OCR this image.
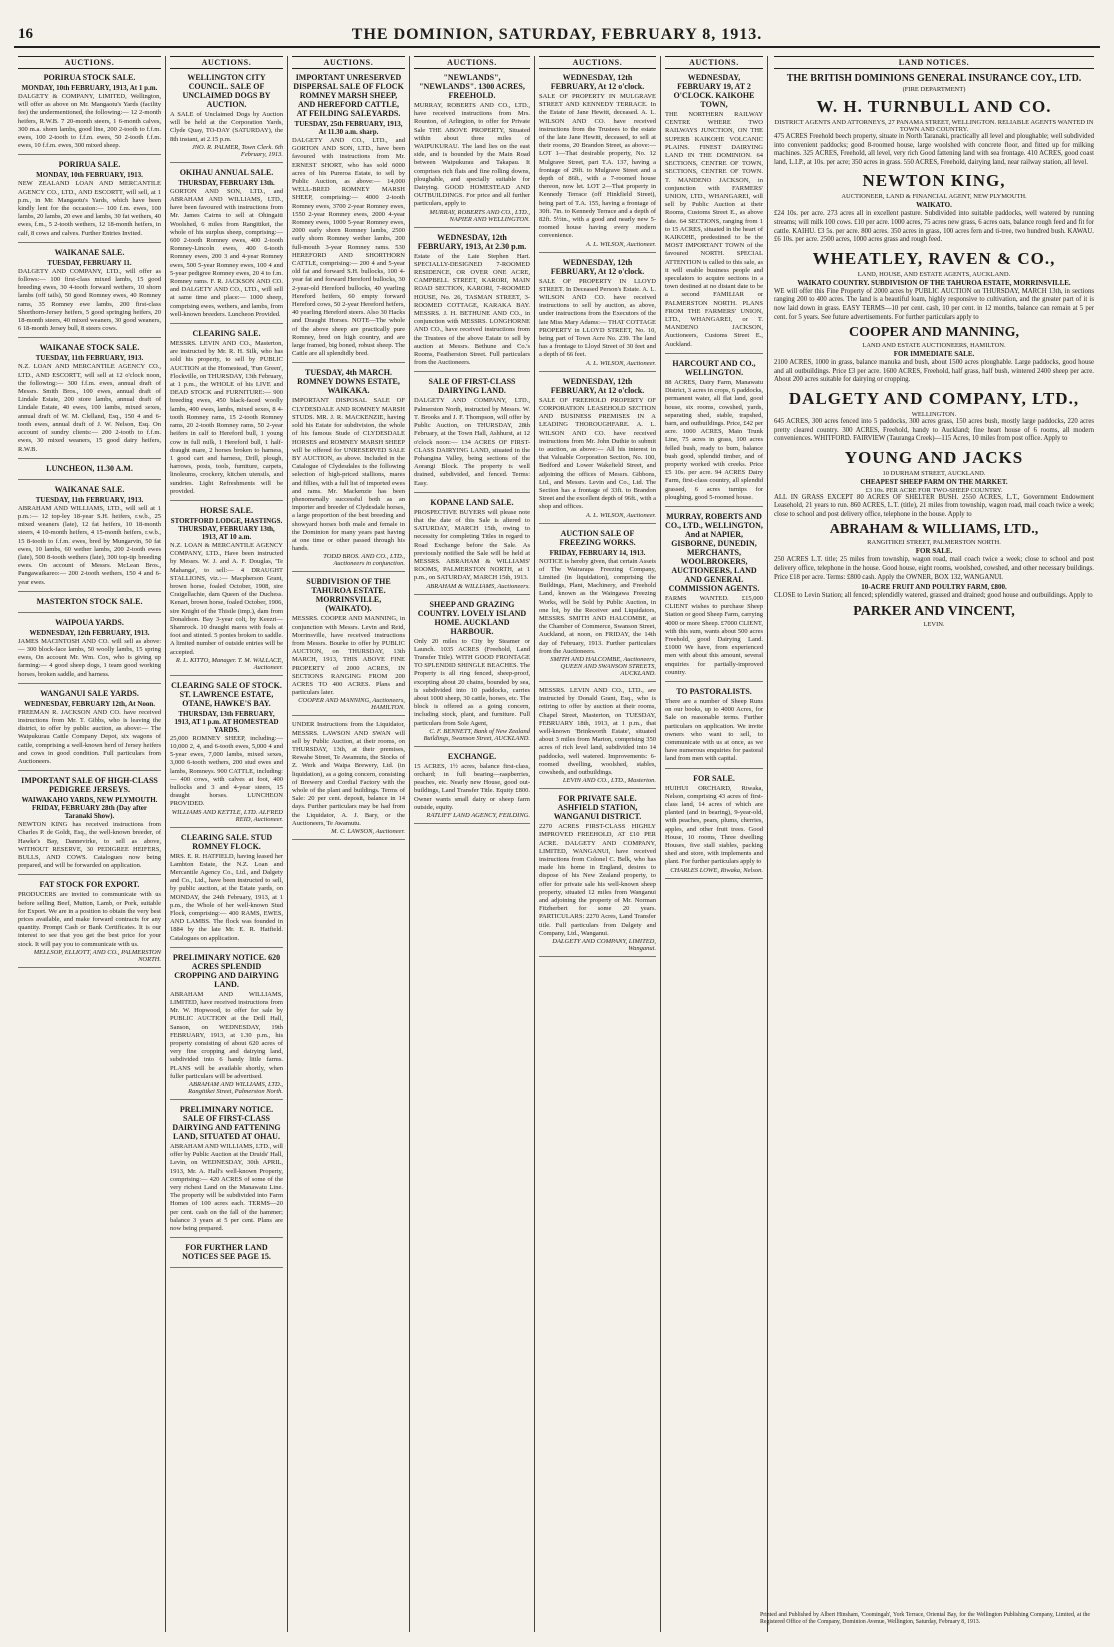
16	THE DOMINION, SATURDAY, FEBRUARY 8, 1913.
AUCTIONS.
PORIRUA STOCK SALE.
MONDAY, 10th FEBRUARY, 1913, At 1 p.m.
DALGETY & COMPANY, LIMITED, Wellington, will offer as above on Mr. Mangaotu's Yards (facility fee) the undermentioned, the following:— 12 2-month heifers, R.W.B. 7 20-month steers, 1 6-month calves, 300 m.a. shorn lambs, good line, 200 2-tooth to f.f.m. ewes, 100 2-tooth to f.f.m. ewes, 50 2-tooth f.f.m. ewes, 10 f.f.m. ewes, 300 mixed sheep.
PORIRUA SALE.
MONDAY, 10th FEBRUARY, 1913.
NEW ZEALAND LOAN AND MERCANTILE AGENCY CO., LTD., AND ESCORTT, will sell, at 1 p.m., in Mr. Mangaotu's Yards, which have been kindly lent for the occasion:— 100 f.m. ewes, 100 lambs, 20 lambs, 20 ewe and lambs, 30 fat wethers, 40 ewes, f.m., 5 2-tooth wethers, 12 18-month heifers, in calf, 8 cows and calves. Further Entries Invited.
WAIKANAE SALE.
TUESDAY, FEBRUARY 11.
DALGETY AND COMPANY, LTD., will offer as follows:— 100 first-class mixed lambs, 15 good breeding ewes, 30 4-tooth forward wethers, 10 shorn lambs (off tails), 50 good Romney ewes, 40 Romney rams, 35 Romney ewe lambs, 200 first-class Shorthorn-Jersey heifers, 5 good springing heifers, 20 18-month steers, 40 mixed weaners, 30 good weaners, 6 18-month Jersey bull, 8 steers cows.
WAIKANAE STOCK SALE.
TUESDAY, 11th FEBRUARY, 1913.
N.Z. LOAN AND MERCANTILE AGENCY CO., LTD., AND ESCORTT, will sell at 12 o'clock noon, the following:— 300 f.f.m. ewes, annual draft of Messrs. Smith Bros., 100 ewes, annual draft of Lindale Estate, 200 store lambs, annual draft of Lindale Estate, 40 ewes, 100 lambs, mixed sexes, annual draft of W. M. Clelland, Esq., 150 4 and 6-tooth ewes, annual draft of J. W. Nelson, Esq. On account of sundry clients:— 200 2-tooth to f.f.m. ewes, 30 mixed weaners, 15 good dairy heifers, R.W.B.
LUNCHEON, 11.30 A.M.
WAIKANAE SALE.
TUESDAY, 11th FEBRUARY, 1913.
ABRAHAM AND WILLIAMS, LTD., will sell at 1 p.m.:— 12 top-ley 18-year S.H. heifers, r.w.b., 25 mixed weaners (late), 12 fat heifers, 10 18-month steers, 4 10-month heifers, 4 15-month heifers, r.w.b., 15 8-tooth to f.f.m. ewes, bred by Mungarvin, 50 fat ewes, 10 lambs, 60 wether lambs, 200 2-tooth ewes (late), 500 8-tooth wethers (late), 300 top-tip breeding ewes. On account of Messrs. McLean Bros., Pangawaikareo:— 200 2-tooth wethers, 150 4 and 6-year ewes.
MASTERTON STOCK SALE.
WAIPOUA YARDS.
WEDNESDAY, 12th FEBRUARY, 1913.
JAMES MACINTOSH AND CO. will sell as above:— 300 block-face lambs, 50 woolly lambs, 15 spring ewes, On account Mr. Wm. Cox, who is giving up farming:— 4 good sheep dogs, 1 team good working horses, broken saddle, and harness.
WANGANUI SALE YARDS.
WEDNESDAY, FEBRUARY 12th, At Noon.
FREEMAN R. JACKSON AND CO. have received instructions from Mr. T. Gibbs, who is leaving the district, to offer by public auction, as above:— The Waipukurau Cattle Company Depot, six wagons of cattle, comprising a well-known herd of Jersey heifers and cows in good condition. Full particulars from Auctioneers.
IMPORTANT SALE OF HIGH-CLASS PEDIGREE JERSEYS.
WAIWAKAHO YARDS, NEW PLYMOUTH. FRIDAY, FEBRUARY 28th (Day after Taranaki Show).
NEWTON KING has received instructions from Charles P. de Goldt, Esq., the well-known breeder, of Hawke's Bay, Dannevirke, to sell as above, WITHOUT RESERVE, 30 PEDIGREE HEIFERS, BULLS, AND COWS. Catalogues now being prepared, and will be forwarded on application.
FAT STOCK FOR EXPORT.
PRODUCERS are invited to communicate with us before selling Beef, Mutton, Lamb, or Pork, suitable for Export. We are in a position to obtain the very best prices available, and make forward contracts for any quantity. Prompt Cash or Bank Certificates. It is our interest to see that you get the best price for your stock. It will pay you to communicate with us.
MELLSOP, ELLIOTT, AND CO., PALMERSTON NORTH.
AUCTIONS.
WELLINGTON CITY COUNCIL. SALE OF UNCLAIMED DOGS BY AUCTION.
A SALE of Unclaimed Dogs by Auction will be held at the Corporation Yards, Clyde Quay, TO-DAY (SATURDAY), the 8th instant, at 2.15 p.m.
JNO. R. PALMER, Town Clerk. 6th February, 1913.
OKIHAU ANNUAL SALE.
THURSDAY, FEBRUARY 13th.
GORTON AND SON, LTD., and ABRAHAM AND WILLIAMS, LTD., have been favoured with instructions from Mr. James Cairns to sell at Ohingaiti Woolshed, 6 miles from Rangitikei, the whole of his surplus sheep, comprising:— 600 2-tooth Romney ewes, 400 2-tooth Romney-Lincoln ewes, 400 6-tooth Romney ewes, 200 3 and 4-year Romney ewes, 500 5-year Romney ewes, 100 4 and 5-year pedigree Romney ewes, 20 4 to f.m. Romney rams. F. R. JACKSON AND CO. and DALGETY AND CO., LTD., will sell at same time and place:— 1000 sheep, comprising ewes, wethers, and lambs, from well-known breeders. Luncheon Provided.
CLEARING SALE.
MESSRS. LEVIN AND CO., Masterton, are instructed by Mr. R. H. Silk, who has sold his property, to sell by PUBLIC AUCTION at the Homestead, 'Fun Green', Flockville, on THURSDAY, 13th February, at 1 p.m., the WHOLE of his LIVE and DEAD STOCK and FURNITURE:— 900 breeding ewes, 450 black-faced woolly lambs, 400 ewes, lambs, mixed sexes, 8 4-tooth Romney rams, 15 2-tooth Romney rams, 20 2-tooth Romney rams, 50 2-year heifers in calf to Hereford bull, 1 young cow in full milk, 1 Hereford bull, 1 half-draught mare, 2 horses broken to harness, 1 good cart and harness, Drill, plough, harrows, posts, tools, furniture, carpets, linoleums, crockery, kitchen utensils, and sundries. Light Refreshments will be provided.
HORSE SALE.
STORTFORD LODGE, HASTINGS. THURSDAY, FEBRUARY 13th, 1913, AT 10 a.m.
N.Z. LOAN & MERCANTILE AGENCY COMPANY, LTD., Have been instructed by Messrs. W. J. and A. F. Douglas, 'Te Mahanga', to sell:— 4 DRAUGHT STALLIONS, viz.:— Macpherson Grant, brown horse, foaled October, 1908, sire Craigellachie, dam Queen of the Duchess. Kenart, brown horse, foaled October, 1906, sire Knight of the Thistle (imp.), dam from Donaldson. Bay 3-year colt, by Keezri—Shamrock. 10 draught mares with foals at foot and stinted. 5 ponies broken to saddle. A limited number of outside entries will be accepted.
R. L. KITTO, Manager. T. M. WALLACE, Auctioneer.
CLEARING SALE OF STOCK. ST. LAWRENCE ESTATE, OTANE, HAWKE'S BAY.
THURSDAY, 13th FEBRUARY, 1913, AT 1 p.m. AT HOMESTEAD YARDS.
25,000 ROMNEY SHEEP, including:— 10,000 2, 4, and 6-tooth ewes, 5,000 4 and 5-year ewes, 7,000 lambs, mixed sexes, 3,000 6-tooth wethers, 200 stud ewes and lambs, Romneys. 900 CATTLE, including:— 400 cows, with calves at foot, 400 bullocks and 3 and 4-year steers, 15 draught horses. LUNCHEON PROVIDED.
WILLIAMS AND KETTLE, LTD. ALFRED REID, Auctioneer.
CLEARING SALE. STUD ROMNEY FLOCK.
MRS. E. R. HATFIELD, having leased her Lambton Estate, the N.Z. Loan and Mercantile Agency Co., Ltd., and Dalgety and Co., Ltd., have been instructed to sell, by public auction, at the Estate yards, on MONDAY, the 24th February, 1913, at 1 p.m., the Whole of her well-known Stud Flock, comprising:— 400 RAMS, EWES, AND LAMBS. The flock was founded in 1884 by the late Mr. E. R. Hatfield. Catalogues on application.
PRELIMINARY NOTICE. 620 ACRES SPLENDID CROPPING AND DAIRYING LAND.
ABRAHAM AND WILLIAMS, LIMITED, have received instructions from Mr. W. Hopwood, to offer for sale by PUBLIC AUCTION at the Drill Hall, Sanson, on WEDNESDAY, 19th FEBRUARY, 1913, at 1.30 p.m., his property consisting of about 620 acres of very fine cropping and dairying land, subdivided into 6 handy little farms. PLANS will be available shortly, when fuller particulars will be advertised.
ABRAHAM AND WILLIAMS, LTD., Rangitikei Street, Palmerston North.
PRELIMINARY NOTICE. SALE OF FIRST-CLASS DAIRYING AND FATTENING LAND, SITUATED AT OHAU.
ABRAHAM AND WILLIAMS, LTD., will offer by Public Auction at the Druids' Hall, Levin, on WEDNESDAY, 30th APRIL, 1913, Mr. A. Hall's well-known Property, comprising:— 420 ACRES of some of the very richest Land on the Manawatu Line. The property will be subdivided into Farm Homes of 100 acres each. TERMS—20 per cent. cash on the fall of the hammer; balance 3 years at 5 per cent. Plans are now being prepared.
FOR FURTHER LAND NOTICES SEE PAGE 15.
AUCTIONS.
IMPORTANT UNRESERVED DISPERSAL SALE OF FLOCK ROMNEY MARSH SHEEP, AND HEREFORD CATTLE, AT FEILDING SALEYARDS.
TUESDAY, 25th FEBRUARY, 1913, At 11.30 a.m. sharp.
DALGETY AND CO., LTD., and GORTON AND SON, LTD., have been favoured with instructions from Mr. ERNEST SHORT, who has sold 6000 acres of his Pureroa Estate, to sell by Public Auction, as above:— 14,000 WELL-BRED ROMNEY MARSH SHEEP, comprising:— 4000 2-tooth Romney ewes, 3700 2-year Romney ewes, 1550 2-year Romney ewes, 2000 4-year Romney ewes, 1000 5-year Romney ewes, 2000 early shorn Romney lambs, 2500 early shorn Romney wether lambs, 200 full-mouth 3-year Romney rams. 530 HEREFORD AND SHORTHORN CATTLE, comprising:— 200 4 and 5-year old fat and forward S.H. bullocks, 100 4-year fat and forward Hereford bullocks, 30 2-year-old Hereford bullocks, 40 yearling Hereford heifers, 60 empty forward Hereford cows, 50 2-year Hereford heifers, 40 yearling Hereford steers. Also 30 Hacks and Draught Horses. NOTE—The whole of the above sheep are practically pure Romney, bred on high country, and are large framed, big boned, robust sheep. The Cattle are all splendidly bred.
TUESDAY, 4th MARCH. ROMNEY DOWNS ESTATE, WAIKAKA.
IMPORTANT DISPOSAL SALE OF CLYDESDALE AND ROMNEY MARSH STUDS. MR. J. R. MACKENZIE, having sold his Estate for subdivision, the whole of his famous Stude of CLYDESDALE HORSES and ROMNEY MARSH SHEEP will be offered for UNRESERVED SALE BY AUCTION, as above. Included in the Catalogue of Clydesdales is the following selection of high-priced stallions, mares and fillies, with a full list of imported ewes and rams. Mr. Mackenzie has been phenomenally successful both as an importer and breeder of Clydesdale horses, a large proportion of the best breeding and showyard horses both male and female in the Dominion for many years past having at one time or other passed through his hands.
TODD BROS. AND CO., LTD., Auctioneers in conjunction.
SUBDIVISION OF THE TAHUROA ESTATE. MORRINSVILLE, (WAIKATO).
MESSRS. COOPER AND MANNING, in conjunction with Messrs. Levin and Reid, Morrinsville, have received instructions from Messrs. Bourke to offer by PUBLIC AUCTION, on THURSDAY, 13th MARCH, 1913, THIS ABOVE FINE PROPERTY of 2000 ACRES, IN SECTIONS RANGING FROM 200 ACRES TO 400 ACRES. Plans and particulars later.
COOPER AND MANNING, Auctioneers, HAMILTON.
UNDER Instructions from the Liquidator, MESSRS. LAWSON AND SWAN will sell by Public Auction, at their rooms, on THURSDAY, 13th, at their premises, Rewahe Street, Te Awamutu, the Stocks of Z. Werk and Waipa Brewery, Ltd. (in liquidation), as a going concern, consisting of Brewery and Cordial Factory with the whole of the plant and buildings. Terms of Sale: 20 per cent. deposit, balance in 14 days. Further particulars may be had from the Liquidator, A. J. Bary, or the Auctioneers, Te Awamutu.
M. C. LAWSON, Auctioneer.
AUCTIONS.
"NEWLANDS", "NEWLANDS". 1300 ACRES, FREEHOLD.
MURRAY, ROBERTS AND CO., LTD., have received instructions from Mrs. Rounton, of Arlington, to offer for Private Sale THE ABOVE PROPERTY, Situated within about three miles of WAIPUKURAU. The land lies on the east side, and is bounded by the Main Road between Waipukurau and Takapau. It comprises rich flats and fine rolling downs, ploughable, and specially suitable for Dairying. GOOD HOMESTEAD AND OUTBUILDINGS. For price and all further particulars, apply to
MURRAY, ROBERTS AND CO., LTD., NAPIER AND WELLINGTON.
WEDNESDAY, 12th FEBRUARY, 1913, At 2.30 p.m.
Estate of the Late Stephen Hart. SPECIALLY-DESIGNED 7-ROOMED RESIDENCE, OR OVER ONE ACRE, CAMPBELL STREET, KARORI, MAIN ROAD SECTION, KARORI, 7-ROOMED HOUSE, No. 26, TASMAN STREET, 3-ROOMED COTTAGE, KARAKA BAY. MESSRS. J. H. BETHUNE AND CO., in conjunction with MESSRS. LONGHORNE AND CO., have received instructions from the Trustees of the above Estate to sell by auction at Messrs. Bethune and Co.'s Rooms, Featherston Street. Full particulars from the Auctioneers.
SALE OF FIRST-CLASS DAIRYING LAND.
DALGETY AND COMPANY, LTD., Palmerston North, instructed by Messrs. W. T. Brooks and J. F. Thompson, will offer by Public Auction, on THURSDAY, 28th February, at the Town Hall, Ashhurst, at 12 o'clock noon:— 134 ACRES OF FIRST-CLASS DAIRYING LAND, situated in the Pohangina Valley, being sections of the Aorangi Block. The property is well drained, subdivided, and fenced. Terms: Easy.
KOPANE LAND SALE.
PROSPECTIVE BUYERS will please note that the date of this Sale is altered to SATURDAY, MARCH 15th, owing to necessity for completing Titles in regard to Road Exchange before the Sale. As previously notified the Sale will be held at MESSRS. ABRAHAM & WILLIAMS' ROOMS, PALMERSTON NORTH, at 1 p.m., on SATURDAY, MARCH 15th, 1913.
ABRAHAM & WILLIAMS, Auctioneers.
SHEEP AND GRAZING COUNTRY. LOVELY ISLAND HOME. AUCKLAND HARBOUR.
Only 20 miles to City by Steamer or Launch. 1035 ACRES (Freehold, Land Transfer Title). WITH GOOD FRONTAGE TO SPLENDID SHINGLE BEACHES. The Property is all ring fenced, sheep-proof, excepting about 20 chains, bounded by sea, is subdivided into 10 paddocks, carries about 1000 sheep, 30 cattle, horses, etc. The block is offered as a going concern, including stock, plant, and furniture. Full particulars from Sole Agent,
C. F. BENNETT, Bank of New Zealand Buildings, Swanson Street, AUCKLAND.
EXCHANGE.
15 ACRES, 1½ acres, balance first-class, orchard; in full bearing—raspberries, peaches, etc. Nearly new House, good out-buildings, Land Transfer Title. Equity £800. Owner wants small dairy or sheep farm outside, equity.
RATLIFF LAND AGENCY, FEILDING.
AUCTIONS.
WEDNESDAY, 12th FEBRUARY, At 12 o'clock.
SALE OF PROPERTY IN MULGRAVE STREET AND KENNEDY TERRACE. In the Estate of Jane Hewitt, deceased. A. L. WILSON AND CO. have received instructions from the Trustees to the estate of the late Jane Hewitt, deceased, to sell at their rooms, 20 Brandon Street, as above:— LOT 1—That desirable property, No. 12 Mulgrave Street, part T.A. 137, having a frontage of 29ft. to Mulgrave Street and a depth of 86ft., with a 7-roomed house thereon, now let. LOT 2—That property in Kennedy Terrace (off Hinkfield Street), being part of T.A. 155, having a frontage of 30ft. 7in. to Kennedy Terrace and a depth of 82ft. 5½in., with a good and nearly new 5-roomed house having every modern convenience.
A. L. WILSON, Auctioneer.
WEDNESDAY, 12th FEBRUARY, At 12 o'clock.
SALE OF PROPERTY IN LLOYD STREET. In Deceased Person's Estate. A. L. WILSON AND CO. have received instructions to sell by auction, as above, under instructions from the Executors of the late Miss Mary Adams:— THAT COTTAGE PROPERTY in LLOYD STREET, No. 10, being part of Town Acre No. 239. The land has a frontage to Lloyd Street of 30 feet and a depth of 66 feet.
A. L. WILSON, Auctioneer.
WEDNESDAY, 12th FEBRUARY, At 12 o'clock.
SALE OF FREEHOLD PROPERTY OF CORPORATION LEASEHOLD SECTION AND BUSINESS PREMISES IN A LEADING THOROUGHFARE. A. L. WILSON AND CO. have received instructions from Mr. John Duthie to submit to auction, as above:— All his interest in that Valuable Corporation Section, No. 100, Bedford and Lower Wakefield Street, and adjoining the offices of Messrs. Gibbons, Ltd., and Messrs. Levin and Co., Ltd. The Section has a frontage of 33ft. to Brandon Street and the excellent depth of 96ft., with a shop and offices.
A. L. WILSON, Auctioneer.
AUCTION SALE OF FREEZING WORKS.
FRIDAY, FEBRUARY 14, 1913.
NOTICE is hereby given, that certain Assets of The Wairarapa Freezing Company, Limited (in liquidation), comprising the Buildings, Plant, Machinery, and Freehold Land, known as the Waingawa Freezing Works, will be Sold by Public Auction, in one lot, by the Receiver and Liquidators, MESSRS. SMITH AND HALCOMBE, at the Chamber of Commerce, Swanson Street, Auckland, at noon, on FRIDAY, the 14th day of February, 1913. Further particulars from the Auctioneers.
SMITH AND HALCOMBE, Auctioneers, QUEEN AND SWANSON STREETS, AUCKLAND.
MESSRS. LEVIN AND CO., LTD., are instructed by Donald Grant, Esq., who is retiring to offer by auction at their rooms, Chapel Street, Masterton, on TUESDAY, FEBRUARY 18th, 1913, at 1 p.m., that well-known 'Brinkworth Estate', situated about 3 miles from Marton, comprising 350 acres of rich level land, subdivided into 14 paddocks, well watered. Improvements: 6-roomed dwelling, woolshed, stables, cowsheds, and outbuildings.
LEVIN AND CO., LTD., Masterton.
FOR PRIVATE SALE. ASHFIELD STATION, WANGANUI DISTRICT.
2270 ACRES FIRST-CLASS HIGHLY IMPROVED FREEHOLD, AT £10 PER ACRE. DALGETY AND COMPANY, LIMITED, WANGANUI, have received instructions from Colonel C. Belk, who has made his home in England, desires to dispose of his New Zealand property, to offer for private sale his well-known sheep property, situated 12 miles from Wanganui and adjoining the property of Mr. Norman Fitzherbert for some 20 years. PARTICULARS: 2270 Acres, Land Transfer title. Full particulars from Dalgety and Company, Ltd., Wanganui.
DALGETY AND COMPANY, LIMITED, Wanganui.
AUCTIONS.
WEDNESDAY, FEBRUARY 19, AT 2 O'CLOCK. KAIKOHE TOWN,
THE NORTHERN RAILWAY CENTRE WHERE TWO RAILWAYS JUNCTION, ON THE SUPERB KAIKOHE VOLCANIC PLAINS. FINEST DAIRYING LAND IN THE DOMINION. 64 SECTIONS, CENTRE OF TOWN, SECTIONS, CENTRE OF TOWN. T. MANDENO JACKSON, in conjunction with FARMERS' UNION, LTD., WHANGAREI, will sell by Public Auction at their Rooms, Customs Street E., as above date. 64 SECTIONS, ranging from 1 to 15 ACRES, situated in the heart of KAIKOHE, predestined to be the MOST IMPORTANT TOWN of the favoured NORTH. SPECIAL ATTENTION is called to this sale, as it will enable business people and speculators to acquire sections in a town destined at no distant date to be a second FAMILIAR or PALMERSTON NORTH. PLANS FROM THE FARMERS' UNION, LTD., WHANGAREI, or T. MANDENO JACKSON, Auctioneers, Customs Street E., Auckland.
HARCOURT AND CO., WELLINGTON.
88 ACRES, Dairy Farm, Manawatu District, 3 acres in crops, 6 paddocks, permanent water, all flat land, good house, six rooms, cowshed, yards, separating shed, stable, trapshed, barn, and outbuildings. Price, £42 per acre. 1000 ACRES, Main Trunk Line, 75 acres in grass, 100 acres felled bush, ready to burn, balance bush good, splendid timber, and of property worked with creeks. Price £5 10s. per acre. 94 ACRES Dairy Farm, first-class country, all splendid grassed, 6 acres turnips for ploughing, good 5-roomed house.
MURRAY, ROBERTS AND CO., LTD., WELLINGTON, And at NAPIER, GISBORNE, DUNEDIN, MERCHANTS, WOOLBROKERS, AUCTIONEERS, LAND AND GENERAL COMMISSION AGENTS.
FARMS WANTED. £15,000 CLIENT wishes to purchase Sheep Station or good Sheep Farm, carrying 4000 or more Sheep. £7000 CLIENT, with this sum, wants about 500 acres Freehold, good Dairying Land. £1000 We have, from experienced men with about this amount, several enquiries for partially-improved country.
TO PASTORALISTS.
There are a number of Sheep Runs on our books, up to 4000 Acres, for Sale on reasonable terms. Further particulars on application. We invite owners who want to sell, to communicate with us at once, as we have numerous enquiries for pastoral land from men with capital.
FOR SALE.
HUIHUI ORCHARD, Riwaka, Nelson, comprising 43 acres of first-class land, 14 acres of which are planted (and in bearing), 9-year-old, with peaches, pears, plums, cherries, apples, and other fruit trees. Good House, 10 rooms, Three dwelling Houses, five stall stables, packing shed and store, with implements and plant. For further particulars apply to
CHARLES LOWE, Riwaka, Nelson.
LAND NOTICES.
THE BRITISH DOMINIONS GENERAL INSURANCE COY., LTD.
(FIRE DEPARTMENT)
W. H. TURNBULL AND CO.
DISTRICT AGENTS AND ATTORNEYS, 27 PANAMA STREET, WELLINGTON. RELIABLE AGENTS WANTED IN TOWN AND COUNTRY.
475 ACRES Freehold beech property, situate in North Taranaki, practically all level and ploughable; well subdivided into convenient paddocks; good 8-roomed house, large woolshed with concrete floor, and fitted up for milking machines. 325 ACRES, Freehold, all level, very rich Good fattening land with sea frontage. 410 ACRES, good coast land, L.I.P., at 10s. per acre; 350 acres in grass. 550 ACRES, Freehold, dairying land, near railway station, all level.
NEWTON KING,
AUCTIONEER, LAND & FINANCIAL AGENT, NEW PLYMOUTH.
WAIKATO.
£24 10s. per acre. 273 acres all in excellent pasture. Subdivided into suitable paddocks, well watered by running streams; will milk 100 cows. £10 per acre. 1000 acres, 75 acres new grass, 6 acres oats, balance rough feed and fit for cattle. KAIHU. £3 5s. per acre. 800 acres. 350 acres in grass, 100 acres fern and ti-tree, two hundred bush. KAWAU. £6 10s. per acre. 2500 acres, 1000 acres grass and rough feed.
WHEATLEY, RAVEN & CO.,
LAND, HOUSE, AND ESTATE AGENTS, AUCKLAND.
WAIKATO COUNTRY. SUBDIVISION OF THE TAHUROA ESTATE, MORRINSVILLE.
WE will offer this Fine Property of 2000 acres by PUBLIC AUCTION on THURSDAY, MARCH 13th, in sections ranging 200 to 400 acres. The land is a beautiful loam, highly responsive to cultivation, and the greater part of it is now laid down in grass. EASY TERMS—10 per cent. cash, 10 per cent. in 12 months, balance can remain at 5 per cent. for 5 years. See future advertisements. For further particulars apply to
COOPER AND MANNING,
LAND AND ESTATE AUCTIONEERS, HAMILTON.
FOR IMMEDIATE SALE.
2100 ACRES, 1000 in grass, balance manuka and bush, about 1500 acres ploughable. Large paddocks, good house and all outbuildings. Price £3 per acre. 1600 ACRES, Freehold, half grass, half bush, wintered 2400 sheep per acre. About 200 acres suitable for dairying or cropping.
DALGETY AND COMPANY, LTD.,
WELLINGTON.
645 ACRES, 300 acres fenced into 5 paddocks, 300 acres grass, 150 acres bush, mostly large paddocks, 220 acres pretty cleared country. 300 ACRES, Freehold, handy to Auckland; fine heart house of 6 rooms, all modern conveniences. WHITFORD. FAIRVIEW (Tauranga Creek)—115 Acres, 10 miles from post office. Apply to
YOUNG AND JACKS
10 DURHAM STREET, AUCKLAND.
CHEAPEST SHEEP FARM ON THE MARKET.
£3 10s. PER ACRE FOR TWO-SHEEP COUNTRY.
ALL IN GRASS EXCEPT 80 ACRES OF SHELTER BUSH. 2550 ACRES, L.T., Government Endowment Leasehold, 21 years to run. 860 ACRES, L.T. (title), 21 miles from township, wagon road, mail coach twice a week; close to school and post delivery office, telephone in the house. Apply to
ABRAHAM & WILLIAMS, LTD.,
RANGITIKEI STREET, PALMERSTON NORTH.
FOR SALE.
250 ACRES L.T. title; 25 miles from township, wagon road, mail coach twice a week; close to school and post delivery office, telephone in the house. Good house, eight rooms, woolshed, cowshed, and other necessary buildings. Price £18 per acre. Terms: £800 cash. Apply the OWNER, BOX 132, WANGANUI.
10-ACRE FRUIT AND POULTRY FARM, £800.
CLOSE to Levin Station; all fenced; splendidly watered, grassed and drained; good house and outbuildings. Apply to
PARKER AND VINCENT,
LEVIN.
Printed and Published by Albert Hinsham, 'Coomingah', York Terrace, Oriental Bay, for the Wellington Publishing Company, Limited, at the Registered Office of the Company, Dominion Avenue, Wellington, Saturday, February 8, 1913.
